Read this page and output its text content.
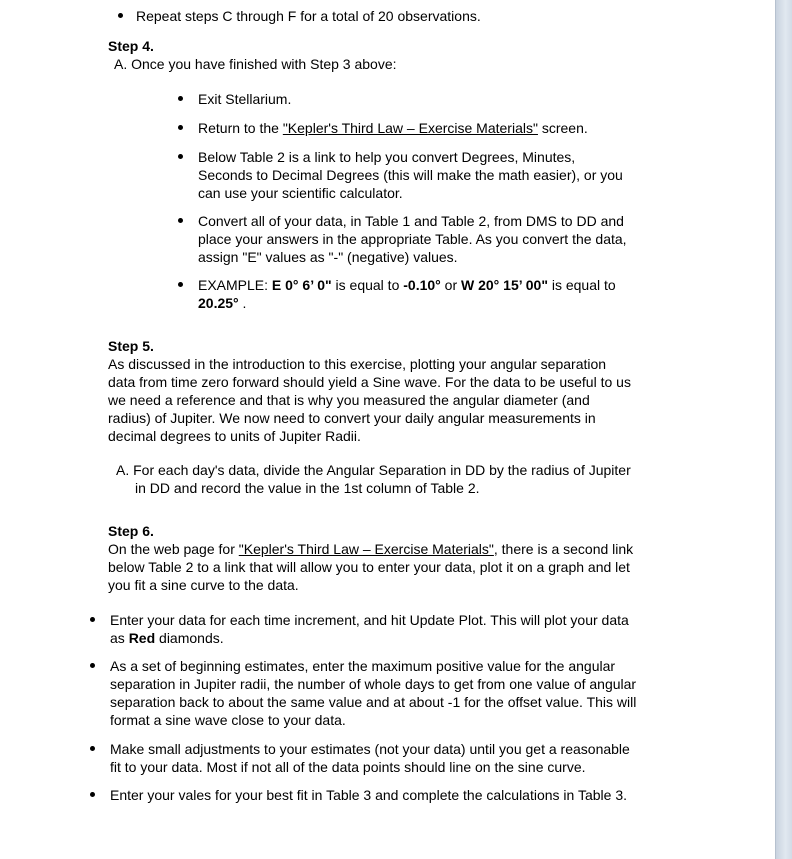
Repeat steps C through F for a total of 20 observations.
Step 4.
A. Once you have finished with Step 3 above:
Exit Stellarium.
Return to the "Kepler's Third Law – Exercise Materials" screen.
Below Table 2 is a link to help you convert Degrees, Minutes,
Seconds to Decimal Degrees (this will make the math easier), or you
can use your scientific calculator.
Convert all of your data, in Table 1 and Table 2, from DMS to DD and
place your answers in the appropriate Table. As you convert the data,
assign "E" values as "-" (negative) values.
EXAMPLE: E 0° 6’ 0" is equal to -0.10° or W 20° 15’ 00" is equal to
20.25° .
Step 5.
As discussed in the introduction to this exercise, plotting your angular separation
data from time zero forward should yield a Sine wave. For the data to be useful to us
we need a reference and that is why you measured the angular diameter (and
radius) of Jupiter. We now need to convert your daily angular measurements in
decimal degrees to units of Jupiter Radii.
A. For each day's data, divide the Angular Separation in DD by the radius of Jupiter
in DD and record the value in the 1st column of Table 2.
Step 6.
On the web page for "Kepler's Third Law – Exercise Materials", there is a second link
below Table 2 to a link that will allow you to enter your data, plot it on a graph and let
you fit a sine curve to the data.
Enter your data for each time increment, and hit Update Plot. This will plot your data
as Red diamonds.
As a set of beginning estimates, enter the maximum positive value for the angular
separation in Jupiter radii, the number of whole days to get from one value of angular
separation back to about the same value and at about -1 for the offset value. This will
format a sine wave close to your data.
Make small adjustments to your estimates (not your data) until you get a reasonable
fit to your data. Most if not all of the data points should line on the sine curve.
Enter your vales for your best fit in Table 3 and complete the calculations in Table 3.
